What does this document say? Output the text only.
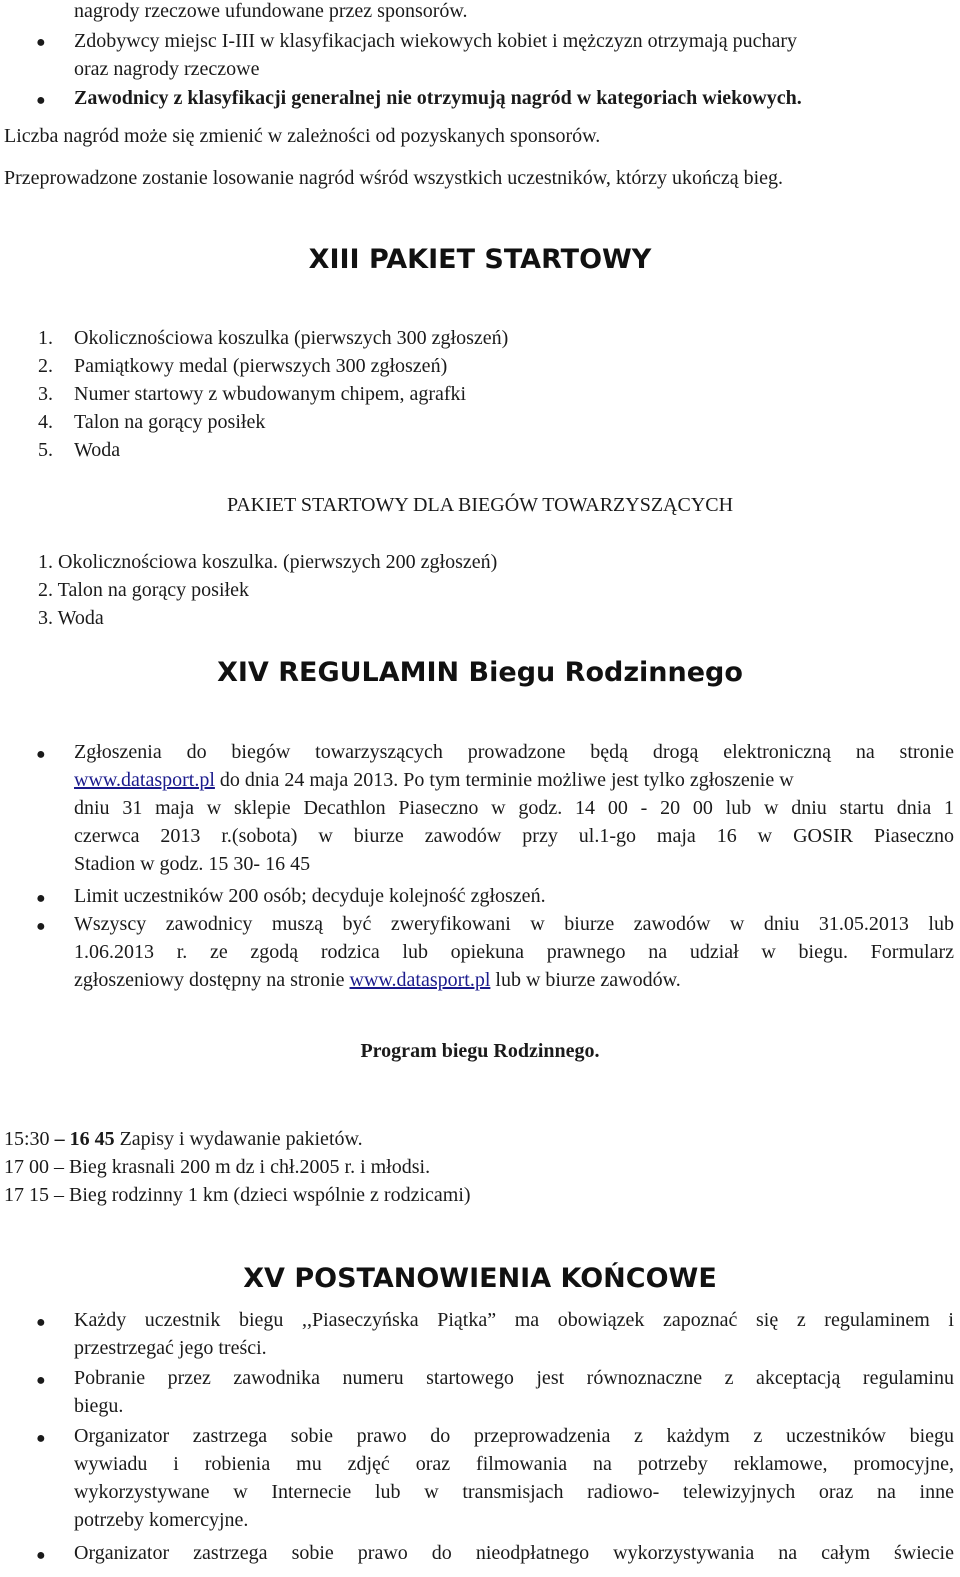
nagrody rzeczowe ufundowane przez sponsorów.
● Zdobywcy miejsc I-III w klasyfikacjach wiekowych kobiet i mężczyzn otrzymają puchary
oraz nagrody rzeczowe
● Zawodnicy z klasyfikacji generalnej nie otrzymują nagród w kategoriach wiekowych.
Liczba nagród może się zmienić w zależności od pozyskanych sponsorów.
Przeprowadzone zostanie losowanie nagród wśród wszystkich uczestników, którzy ukończą bieg.
XIII PAKIET STARTOWY
1. Okolicznościowa koszulka (pierwszych 300 zgłoszeń)
2. Pamiątkowy medal (pierwszych 300 zgłoszeń)
3. Numer startowy z wbudowanym chipem, agrafki
4. Talon na gorący posiłek
5. Woda
PAKIET STARTOWY DLA BIEGÓW TOWARZYSZĄCYCH
1. Okolicznościowa koszulka. (pierwszych 200 zgłoszeń)
2. Talon na gorący posiłek
3. Woda
XIV REGULAMIN Biegu Rodzinnego
● Zgłoszenia do biegów towarzyszących prowadzone będą drogą elektroniczną na stronie
www.datasport.pl do dnia 24 maja 2013. Po tym terminie możliwe jest tylko zgłoszenie w
dniu 31 maja w sklepie Decathlon Piaseczno w godz. 14 00 - 20 00 lub w dniu startu dnia 1
czerwca 2013 r.(sobota) w biurze zawodów przy ul.1-go maja 16 w GOSIR Piaseczno
Stadion w godz. 15 30- 16 45
● Limit uczestników 200 osób; decyduje kolejność zgłoszeń.
● Wszyscy zawodnicy muszą być zweryfikowani w biurze zawodów w dniu 31.05.2013 lub
1.06.2013 r. ze zgodą rodzica lub opiekuna prawnego na udział w biegu. Formularz
zgłoszeniowy dostępny na stronie www.datasport.pl lub w biurze zawodów.
Program biegu Rodzinnego.
15:30 – 16 45 Zapisy i wydawanie pakietów.
17 00 – Bieg krasnali 200 m dz i chł.2005 r. i młodsi.
17 15 – Bieg rodzinny 1 km (dzieci wspólnie z rodzicami)
XV POSTANOWIENIA KOŃCOWE
● Każdy uczestnik biegu ,,Piaseczyńska Piątka” ma obowiązek zapoznać się z regulaminem i
przestrzegać jego treści.
● Pobranie przez zawodnika numeru startowego jest równoznaczne z akceptacją regulaminu
biegu.
● Organizator zastrzega sobie prawo do przeprowadzenia z każdym z uczestników biegu
wywiadu i robienia mu zdjęć oraz filmowania na potrzeby reklamowe, promocyjne,
wykorzystywane w Internecie lub w transmisjach radiowo- telewizyjnych oraz na inne
potrzeby komercyjne.
● Organizator zastrzega sobie prawo do nieodpłatnego wykorzystywania na całym świecie
